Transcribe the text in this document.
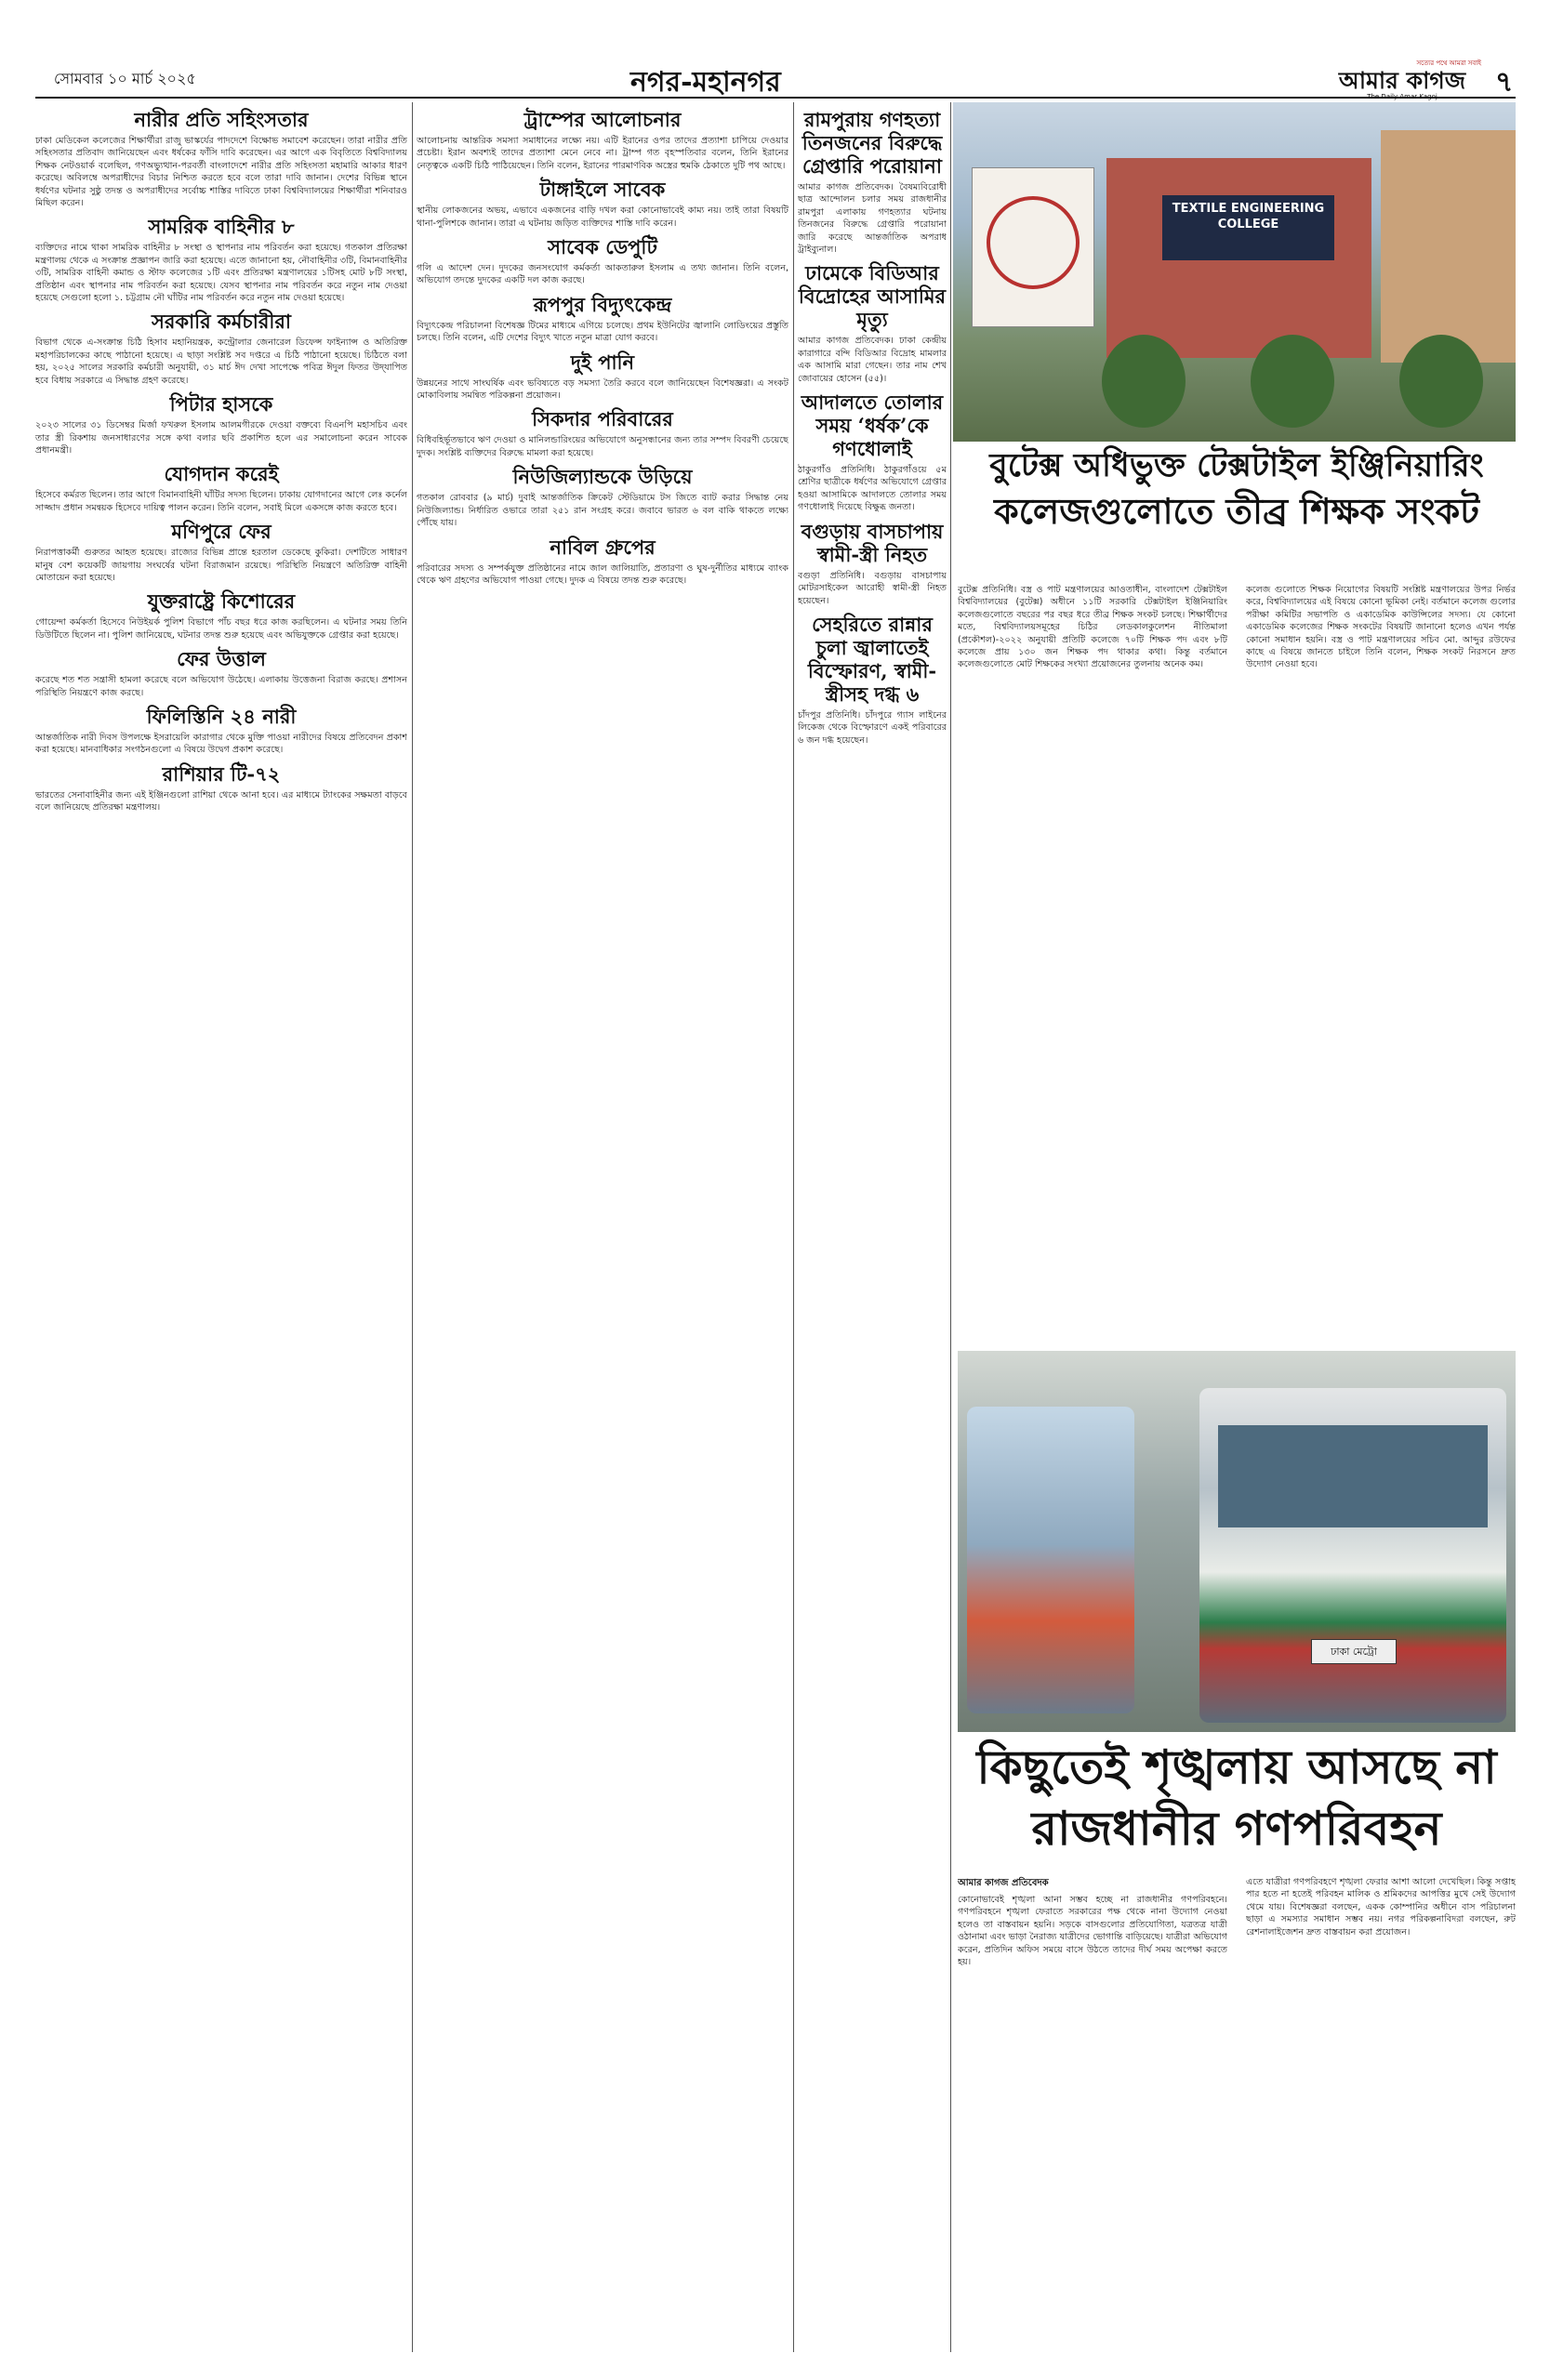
সোমবার ১০ মার্চ ২০২৫	নগর-মহানগর
সত্যের পথে আমরা সবাই
আমার কাগজ
The Daily Amar Kagoj	৭
নারীর প্রতি সহিংসতার

ঢাকা মেডিকেল কলেজের শিক্ষার্থীরা রাজু ভাস্কর্যের পাদদেশে বিক্ষোভ সমাবেশ করেছেন। তারা নারীর প্রতি সহিংসতার প্রতিবাদ জানিয়েছেন এবং ধর্ষকের ফাঁসি দাবি করেছেন। এর আগে এক বিবৃতিতে বিশ্ববিদ্যালয় শিক্ষক নেটওয়ার্ক বলেছিল, গণঅভ্যুত্থান-পরবর্তী বাংলাদেশে নারীর প্রতি সহিংসতা মহামারি আকার ধারণ করেছে। অবিলম্বে অপরাধীদের বিচার নিশ্চিত করতে হবে বলে তারা দাবি জানান। দেশের বিভিন্ন স্থানে ধর্ষণের ঘটনার সুষ্ঠু তদন্ত ও অপরাধীদের সর্বোচ্চ শাস্তির দাবিতে ঢাকা বিশ্ববিদ্যালয়ের শিক্ষার্থীরা শনিবারও মিছিল করেন।

সামরিক বাহিনীর ৮

ব্যক্তিদের নামে থাকা সামরিক বাহিনীর ৮ সংস্থা ও স্থাপনার নাম পরিবর্তন করা হয়েছে। গতকাল প্রতিরক্ষা মন্ত্রণালয় থেকে এ সংক্রান্ত প্রজ্ঞাপন জারি করা হয়েছে। এতে জানানো হয়, নৌবাহিনীর ৩টি, বিমানবাহিনীর ৩টি, সামরিক বাহিনী কমান্ড ও স্টাফ কলেজের ১টি এবং প্রতিরক্ষা মন্ত্রণালয়ের ১টিসহ মোট ৮টি সংস্থা, প্রতিষ্ঠান এবং স্থাপনার নাম পরিবর্তন করা হয়েছে। যেসব স্থাপনার নাম পরিবর্তন করে নতুন নাম দেওয়া হয়েছে সেগুলো হলো ১. চট্টগ্রাম নৌ ঘাঁটির নাম পরিবর্তন করে নতুন নাম দেওয়া হয়েছে।

সরকারি কর্মচারীরা

বিভাগ থেকে এ-সংক্রান্ত চিঠি হিসাব মহানিয়ন্ত্রক, কন্ট্রোলার জেনারেল ডিফেন্স ফাইন্যান্স ও অতিরিক্ত মহাপরিচালকের কাছে পাঠানো হয়েছে। এ ছাড়া সংশ্লিষ্ট সব দপ্তরে এ চিঠি পাঠানো হয়েছে। চিঠিতে বলা হয়, ২০২৫ সালের সরকারি কর্মচারী অনুযায়ী, ৩১ মার্চ ঈদ দেখা সাপেক্ষে পবিত্র ঈদুল ফিতর উদ্‌যাপিত হবে বিধায় সরকারে এ সিদ্ধান্ত গ্রহণ করেছে।

পিটার হাসকে

২০২৩ সালের ৩১ ডিসেম্বর মির্জা ফখরুল ইসলাম আলমগীরকে দেওয়া বক্তব্যে বিএনপি মহাসচিব এবং তার স্ত্রী রিকশায় জনসাধারণের সঙ্গে কথা বলার ছবি প্রকাশিত হলে এর সমালোচনা করেন সাবেক প্রধানমন্ত্রী।

যোগদান করেই

হিসেবে কর্মরত ছিলেন। তার আগে বিমানবাহিনী ঘাঁটির সদস্য ছিলেন। ঢাকায় যোগদানের আগে লেঃ কর্নেল সাজ্জাদ প্রধান সমন্বয়ক হিসেবে দায়িত্ব পালন করেন। তিনি বলেন, সবাই মিলে একসঙ্গে কাজ করতে হবে।

মণিপুরে ফের

নিরাপত্তাকর্মী গুরুতর আহত হয়েছে। রাজ্যের বিভিন্ন প্রান্তে হরতাল ডেকেছে কুকিরা। দেশটিতে সাধারণ মানুষ বেশ কয়েকটি জায়গায় সংঘর্ষের ঘটনা বিরাজমান রয়েছে। পরিস্থিতি নিয়ন্ত্রণে অতিরিক্ত বাহিনী মোতায়েন করা হয়েছে।

যুক্তরাষ্ট্রে কিশোরের

গোয়েন্দা কর্মকর্তা হিসেবে নিউইয়র্ক পুলিশ বিভাগে পাঁচ বছর ধরে কাজ করছিলেন। এ ঘটনার সময় তিনি ডিউটিতে ছিলেন না। পুলিশ জানিয়েছে, ঘটনার তদন্ত শুরু হয়েছে এবং অভিযুক্তকে গ্রেপ্তার করা হয়েছে।

ফের উত্তাল

করেছে শত শত সন্ত্রাসী হামলা করেছে বলে অভিযোগ উঠেছে। এলাকায় উত্তেজনা বিরাজ করছে। প্রশাসন পরিস্থিতি নিয়ন্ত্রণে কাজ করছে।

ফিলিস্তিনি ২৪ নারী

আন্তর্জাতিক নারী দিবস উপলক্ষে ইসরায়েলি কারাগার থেকে মুক্তি পাওয়া নারীদের বিষয়ে প্রতিবেদন প্রকাশ করা হয়েছে। মানবাধিকার সংগঠনগুলো এ বিষয়ে উদ্বেগ প্রকাশ করেছে।

রাশিয়ার টি-৭২

ভারতের সেনাবাহিনীর জন্য এই ইঞ্জিনগুলো রাশিয়া থেকে আনা হবে। এর মাধ্যমে ট্যাংকের সক্ষমতা বাড়বে বলে জানিয়েছে প্রতিরক্ষা মন্ত্রণালয়।

ট্রাম্পের আলোচনার

আলোচনায় আন্তরিক সমস্যা সমাধানের লক্ষ্যে নয়। এটি ইরানের ওপর তাদের প্রত্যাশা চাপিয়ে দেওয়ার প্রচেষ্টা। ইরান অবশ্যই তাদের প্রত্যাশা মেনে নেবে না। ট্রাম্প গত বৃহস্পতিবার বলেন, তিনি ইরানের নেতৃত্বকে একটি চিঠি পাঠিয়েছেন। তিনি বলেন, ইরানের পারমাণবিক অস্ত্রের হুমকি ঠেকাতে দুটি পথ আছে।

টাঙ্গাইলে সাবেক

স্থানীয় লোকজনের অভয়, এভাবে একজনের বাড়ি দখল করা কোনোভাবেই কাম্য নয়। তাই তারা বিষয়টি থানা-পুলিশকে জানান। তারা এ ঘটনায় জড়িত ব্যক্তিদের শাস্তি দাবি করেন।

সাবেক ডেপুটি

গলি এ আদেশ দেন। দুদকের জনসংযোগ কর্মকর্তা আকতারুল ইসলাম এ তথ্য জানান। তিনি বলেন, অভিযোগ তদন্তে দুদকের একটি দল কাজ করছে।

রূপপুর বিদ্যুৎকেন্দ্র

বিদ্যুৎকেন্দ্র পরিচালনা বিশেষজ্ঞ টিমের মাধ্যমে এগিয়ে চলেছে। প্রথম ইউনিটের জ্বালানি লোডিংয়ের প্রস্তুতি চলছে। তিনি বলেন, এটি দেশের বিদ্যুৎ খাতে নতুন মাত্রা যোগ করবে।

দুই পানি

উন্নয়নের সাথে সাংঘর্ষিক এবং ভবিষ্যতে বড় সমস্যা তৈরি করবে বলে জানিয়েছেন বিশেষজ্ঞরা। এ সংকট মোকাবিলায় সমন্বিত পরিকল্পনা প্রয়োজন।

সিকদার পরিবারের

বিধিবহির্ভূতভাবে ঋণ দেওয়া ও মানিলন্ডারিংয়ের অভিযোগে অনুসন্ধানের জন্য তার সম্পদ বিবরণী চেয়েছে দুদক। সংশ্লিষ্ট ব্যক্তিদের বিরুদ্ধে মামলা করা হয়েছে।

নিউজিল্যান্ডকে উড়িয়ে

গতকাল রোববার (৯ মার্চ) দুবাই আন্তর্জাতিক ক্রিকেট স্টেডিয়ামে টস জিতে ব্যাট করার সিদ্ধান্ত নেয় নিউজিল্যান্ড। নির্ধারিত ওভারে তারা ২৫১ রান সংগ্রহ করে। জবাবে ভারত ৬ বল বাকি থাকতে লক্ষ্যে পৌঁছে যায়।

নাবিল গ্রুপের

পরিবারের সদস্য ও সম্পর্কযুক্ত প্রতিষ্ঠানের নামে জাল জালিয়াতি, প্রতারণা ও ঘুষ-দুর্নীতির মাধ্যমে ব্যাংক থেকে ঋণ গ্রহণের অভিযোগ পাওয়া গেছে। দুদক এ বিষয়ে তদন্ত শুরু করেছে।

রামপুরায় গণহত্যা তিনজনের বিরুদ্ধে গ্রেপ্তারি পরোয়ানা

আমার কাগজ প্রতিবেদক। বৈষম্যবিরোধী ছাত্র আন্দোলন চলার সময় রাজধানীর রামপুরা এলাকায় গণহত্যার ঘটনায় তিনজনের বিরুদ্ধে গ্রেপ্তারি পরোয়ানা জারি করেছে আন্তর্জাতিক অপরাধ ট্রাইব্যুনাল।

ঢামেকে বিডিআর বিদ্রোহের আসামির মৃত্যু

আমার কাগজ প্রতিবেদক। ঢাকা কেন্দ্রীয় কারাগারে বন্দি বিডিআর বিদ্রোহ মামলার এক আসামি মারা গেছেন। তার নাম শেখ জোবায়ের হোসেন (৫৫)।

আদালতে তোলার সময় ‘ধর্ষক’কে গণধোলাই

ঠাকুরগাঁও প্রতিনিধি। ঠাকুরগাঁওয়ে ৫ম শ্রেণির ছাত্রীকে ধর্ষণের অভিযোগে গ্রেপ্তার হওয়া আসামিকে আদালতে তোলার সময় গণধোলাই দিয়েছে বিক্ষুব্ধ জনতা।

বগুড়ায় বাসচাপায় স্বামী-স্ত্রী নিহত

বগুড়া প্রতিনিধি। বগুড়ায় বাসচাপায় মোটরসাইকেল আরোহী স্বামী-স্ত্রী নিহত হয়েছেন।

সেহরিতে রান্নার চুলা জ্বালাতেই বিস্ফোরণ, স্বামী-স্ত্রীসহ দগ্ধ ৬

চাঁদপুর প্রতিনিধি। চাঁদপুরে গ্যাস লাইনের লিকেজ থেকে বিস্ফোরণে একই পরিবারের ৬ জন দগ্ধ হয়েছেন।

TEXTILE ENGINEERING COLLEGE
বুটেক্স অধিভুক্ত টেক্সটাইল ইঞ্জিনিয়ারিং
কলেজগুলোতে তীব্র শিক্ষক সংকট

বুটেক্স প্রতিনিধি। বস্ত্র ও পাট মন্ত্রণালয়ের আওতাধীন, বাংলাদেশ টেক্সটাইল বিশ্ববিদ্যালয়ের (বুটেক্স) অধীনে ১১টি সরকারি টেক্সটাইল ইঞ্জিনিয়ারিং কলেজগুলোতে বছরের পর বছর ধরে তীব্র শিক্ষক সংকট চলছে। শিক্ষার্থীদের মতে, বিশ্ববিদ্যালয়সমূহের চিঠির লেডকালকুলেশন নীতিমালা (প্রকৌশল)-২০২২ অনুযায়ী প্রতিটি কলেজে ৭০টি শিক্ষক পদ এবং ৮টি কলেজে প্রায় ১৩০ জন শিক্ষক পদ থাকার কথা। কিন্তু বর্তমানে কলেজগুলোতে মোট শিক্ষকের সংখ্যা প্রয়োজনের তুলনায় অনেক কম।

কলেজ গুলোতে শিক্ষক নিয়োগের বিষয়টি সংশ্লিষ্ট মন্ত্রণালয়ের উপর নির্ভর করে, বিশ্ববিদ্যালয়ের এই বিষয়ে কোনো ভূমিকা নেই। বর্তমানে কলেজ গুলোর পরীক্ষা কমিটির সভাপতি ও একাডেমিক কাউন্সিলের সদস্য। যে কোনো একাডেমিক কলেজের শিক্ষক সংকটের বিষয়টি জানানো হলেও এখন পর্যন্ত কোনো সমাধান হয়নি। বস্ত্র ও পাট মন্ত্রণালয়ের সচিব মো. আব্দুর রউফের কাছে এ বিষয়ে জানতে চাইলে তিনি বলেন, শিক্ষক সংকট নিরসনে দ্রুত উদ্যোগ নেওয়া হবে।

ঢাকা মেট্রো
কিছুতেই শৃঙ্খলায় আসছে না রাজধানীর গণপরিবহন
আমার কাগজ প্রতিবেদক

কোনোভাবেই শৃঙ্খলা আনা সম্ভব হচ্ছে না রাজধানীর গণপরিবহনে। গণপরিবহনে শৃঙ্খলা ফেরাতে সরকারের পক্ষ থেকে নানা উদ্যোগ নেওয়া হলেও তা বাস্তবায়ন হয়নি। সড়কে বাসগুলোর প্রতিযোগিতা, যত্রতত্র যাত্রী ওঠানামা এবং ভাড়া নৈরাজ্য যাত্রীদের ভোগান্তি বাড়িয়েছে। যাত্রীরা অভিযোগ করেন, প্রতিদিন অফিস সময়ে বাসে উঠতে তাদের দীর্ঘ সময় অপেক্ষা করতে হয়।

এতে যাত্রীরা গণপরিবহণে শৃঙ্খলা ফেরার আশা আলো দেখেছিল। কিন্তু সপ্তাহ পার হতে না হতেই পরিবহন মালিক ও শ্রমিকদের আপত্তির মুখে সেই উদ্যোগ থেমে যায়। বিশেষজ্ঞরা বলছেন, একক কোম্পানির অধীনে বাস পরিচালনা ছাড়া এ সমস্যার সমাধান সম্ভব নয়। নগর পরিকল্পনাবিদরা বলছেন, রুট রেশনালাইজেশন দ্রুত বাস্তবায়ন করা প্রয়োজন।
